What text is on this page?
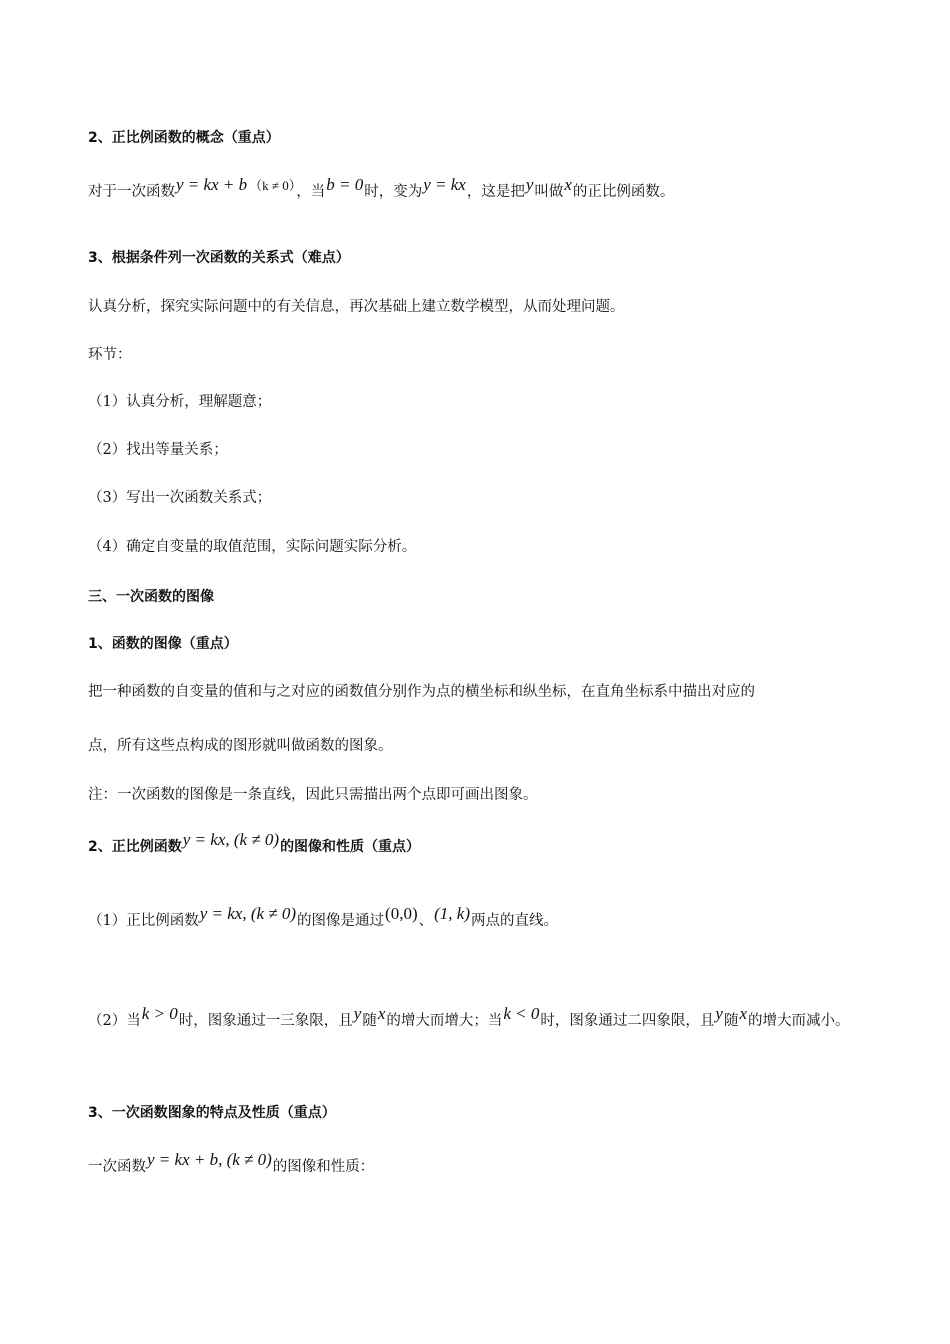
2、正比例函数的概念（重点）
对于一次函数y = kx + b （k ≠ 0），当b = 0时，变为y = kx，这是把y叫做x的正比例函数。
3、根据条件列一次函数的关系式（难点）
认真分析，探究实际问题中的有关信息，再次基础上建立数学模型，从而处理问题。
环节：
（1）认真分析，理解题意；
（2）找出等量关系；
（3）写出一次函数关系式；
（4）确定自变量的取值范围，实际问题实际分析。
三、一次函数的图像
1、函数的图像（重点）
把一种函数的自变量的值和与之对应的函数值分别作为点的横坐标和纵坐标，在直角坐标系中描出对应的
点，所有这些点构成的图形就叫做函数的图象。
注：一次函数的图像是一条直线，因此只需描出两个点即可画出图象。
2、正比例函数y = kx, (k ≠ 0)的图像和性质（重点）
（1）正比例函数y = kx, (k ≠ 0)的图像是通过(0,0)、(1, k)两点的直线。
（2）当k > 0时，图象通过一三象限，且y随x的增大而增大；当k < 0时，图象通过二四象限，且y随x的增大而减小。
3、一次函数图象的特点及性质（重点）
一次函数y = kx + b, (k ≠ 0)的图像和性质：
